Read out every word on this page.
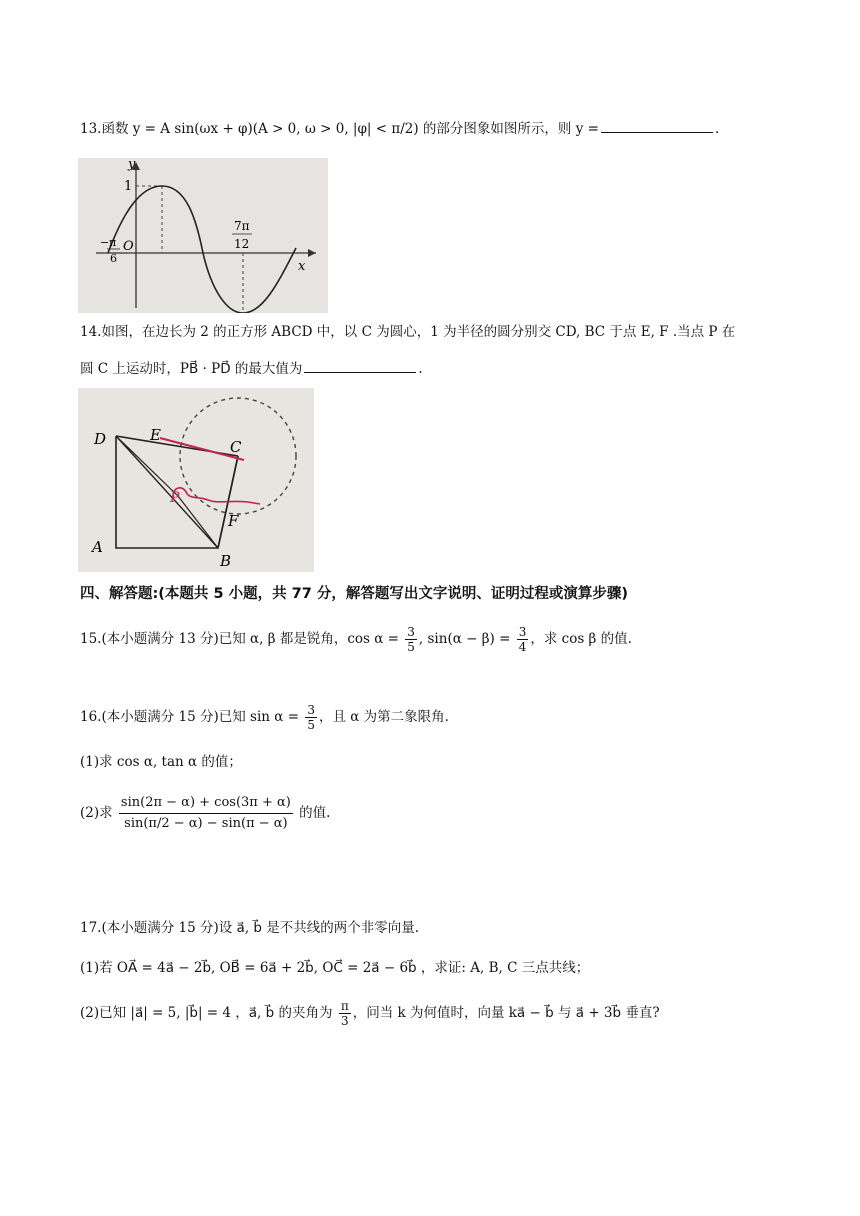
13.函数 y = A sin(ωx + φ)(A > 0, ω > 0, |φ| < π/2) 的部分图象如图所示，则 y =	.
y
x
1
O
− π
6
7π
12
14.如图，在边长为 2 的正方形 ABCD 中，以 C 为圆心，1 为半径的圆分别交 CD, BC 于点 E, F .当点 P 在
圆 C 上运动时，PB⃗ · PD⃗ 的最大值为	.
D	E
C
A
B
F
P
四、解答题:(本题共 5 小题，共 77 分，解答题写出文字说明、证明过程或演算步骤)
15.(本小题满分 13 分)已知 α, β 都是锐角，$\cos \alpha = \frac{3}{5}$ , $\sin(\alpha - \beta) = \frac{3}{4}$ ，求 cos β 的值.
16.(本小题满分 15 分)已知 $\sin \alpha = \frac{3}{5}$ ，且 α 为第二象限角.
(1)求 cos α, tan α 的值；
(2)求 $\frac{\sin(2\pi - \alpha) + \cos(3\pi + \alpha)}{\sin(\pi/2 - \alpha) - \sin(\pi - \alpha)}$ 的值.
17.(本小题满分 15 分)设 a⃗, b⃗ 是不共线的两个非零向量.
(1)若 OA⃗ = 4a⃗ − 2b⃗, OB⃗ = 6a⃗ + 2b⃗, OC⃗ = 2a⃗ − 6b⃗ ，求证: A, B, C 三点共线；
(2)已知 |a⃗| = 5, |b⃗| = 4 ，a⃗, b⃗ 的夹角为 $\frac{\pi}{3}$ ，问当 k 为何值时，向量 ka⃗ − b⃗ 与 a⃗ + 3b⃗ 垂直?
